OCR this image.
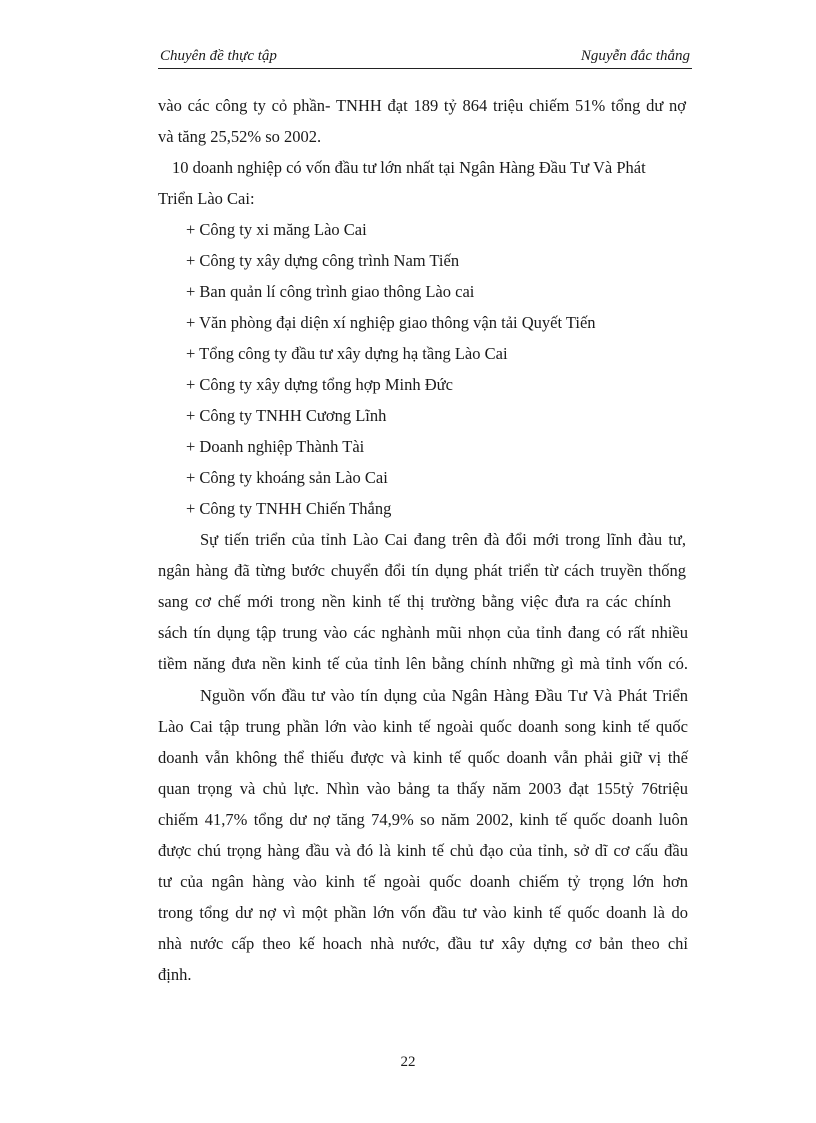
Chuyên đề thực tập	Nguyễn đắc thắng
vào các công ty cỏ phần- TNHH đạt 189 tỷ 864 triệu chiếm 51% tổng dư nợ
và tăng 25,52% so 2002.
10 doanh nghiệp có vốn đầu tư lớn nhất tại Ngân Hàng Đầu Tư Và Phát
Triển Lào Cai:
+ Công ty xi măng Lào Cai
+ Công ty xây dựng công trình Nam Tiến
+ Ban quản lí công trình giao thông Lào cai
+ Văn phòng đại diện xí nghiệp giao thông vận tải Quyết Tiến
+ Tổng công ty đầu tư xây dựng hạ tầng Lào Cai
+ Công ty xây dựng tổng hợp Minh Đức
+ Công ty TNHH Cương Lĩnh
+ Doanh nghiệp Thành Tài
+ Công ty khoáng sản Lào Cai
+ Công ty TNHH Chiến Thắng
Sự tiến triển của tỉnh Lào Cai đang trên đà đổi mới trong lĩnh đàu tư,
ngân hàng đã từng bước chuyển đổi tín dụng phát triển từ cách truyền thống
sang cơ chế mới trong nền kinh tế thị trường bằng việc đưa ra các chính
sách tín dụng tập trung vào các nghành mũi nhọn của tỉnh đang có rất nhiều
tiềm năng đưa nền kinh tế của tỉnh lên bằng chính những gì mà tỉnh vốn có.
Nguồn vốn đầu tư vào tín dụng của Ngân Hàng Đầu Tư Và Phát Triển
Lào Cai tập trung phần lớn vào kinh tế ngoài quốc doanh song kinh tế quốc
doanh vẫn không thể thiếu được và kinh tế quốc doanh vẫn phải giữ vị thế
quan trọng và chủ lực. Nhìn vào bảng ta thấy năm 2003 đạt 155tỷ 76triệu
chiếm 41,7% tổng dư nợ tăng 74,9% so năm 2002, kinh tế quốc doanh luôn
được chú trọng hàng đầu và đó là kinh tế chủ đạo của tỉnh, sở dĩ cơ cấu đầu
tư của ngân hàng vào kinh tế ngoài quốc doanh chiếm tỷ trọng lớn hơn
trong tổng dư nợ vì một phần lớn vốn đầu tư vào kinh tế quốc doanh là do
nhà nước cấp theo kế hoach nhà nước, đầu tư xây dựng cơ bản theo chỉ
định.
22
